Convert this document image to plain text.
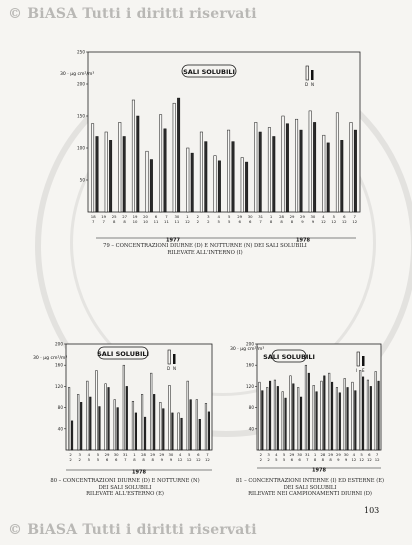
© BiASA Tutti i diritti riservati
50
100
150
200
250
30 · μg cm²/m³	SALI SOLUBILI
D N
18
7
19
7
25
8
27
8
19
10
20
10
6
11
7
11
30
11
1
12
2
2
3
2
4
5
5
5
29
6
30
6
31
7
1
8
28
8
29
8
29
9
30
9
4
12
5
12
6
12
7
12
1977	1978
40
80
120
160
200
30 · μg cm²/m³
SALI SOLUBILI
D N
2
2
3
2
4
5
5
5
29
6
30
6
31
7
1
8
28
8
29
8
29
9
30
9
4
12
5
12
6
12
7
12
1978
40
80
120
160
200
30 · μg cm²/m³
SALI SOLUBILI
I E
2
2
3
2
4
5
5
5
29
6
30
6
31
7
1
8
28
8
29
8
29
9
30
9
4
12
5
12
6
12
7
12
1978
79 – CONCENTRAZIONI DIURNE (D) E NOTTURNE (N) DEI SALI SOLUBILI
RILEVATE ALL'INTERNO (I)
80 – CONCENTRAZIONI DIURNE (D) E NOTTURNE (N)
DEI SALI SOLUBILI
RILEVATE ALL'ESTERNO (E)
81 – CONCENTRAZIONI INTERNE (I) ED ESTERNE (E)
DEI SALI SOLUBILI
RILEVATE NEI CAMPIONAMENTI DIURNI (D)
103
© BiASA Tutti i diritti riservati
